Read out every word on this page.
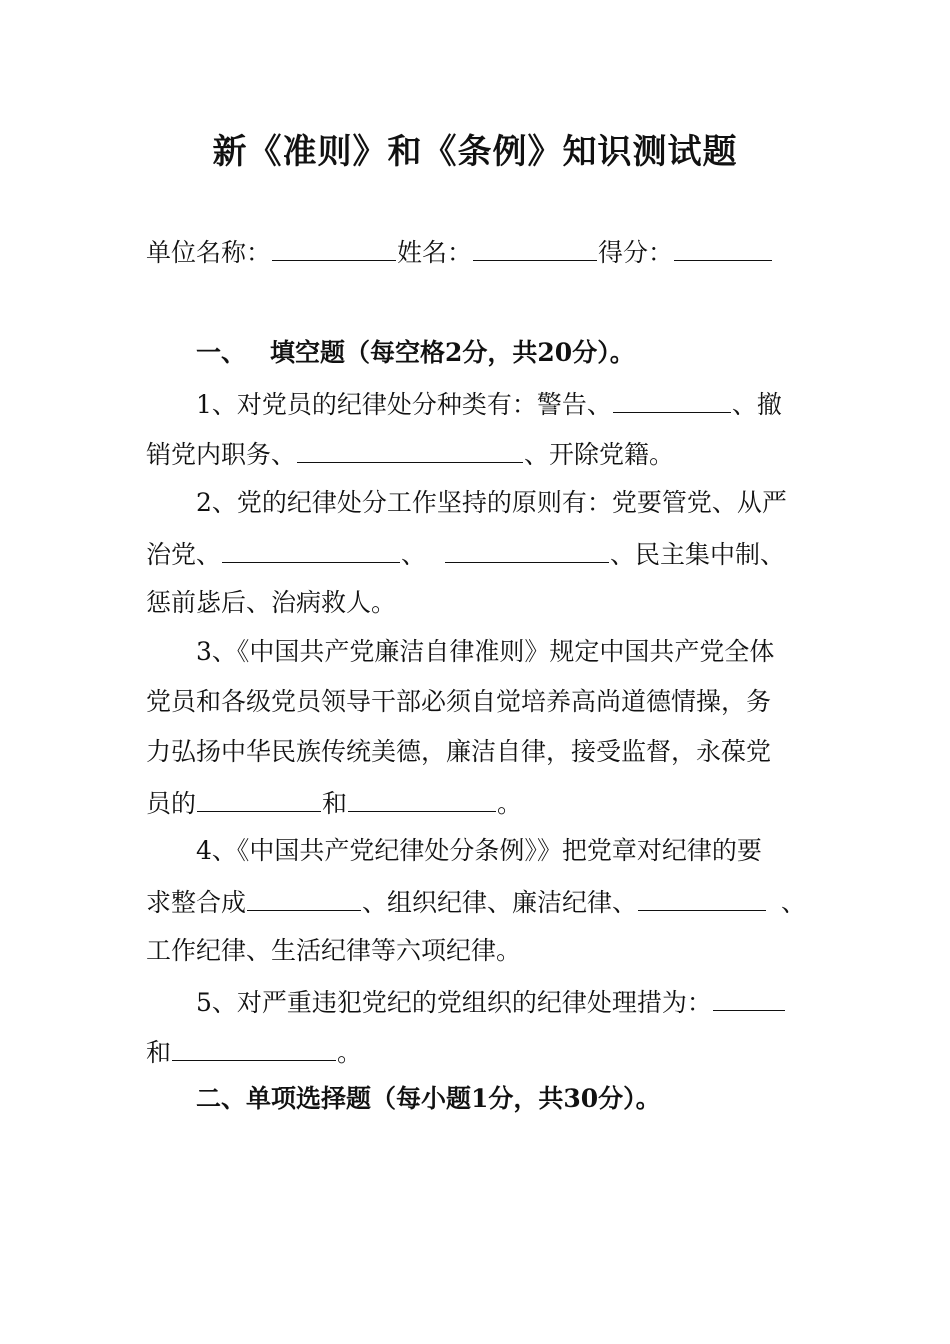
新《准则》和《条例》知识测试题
单位名称：	姓名：	得分：
一、 填空题（每空格2分，共20分）。
1、对党员的纪律处分种类有：警告、	、撤
销党内职务、	、开除党籍。
2、党的纪律处分工作坚持的原则有：党要管党、从严
治党、	、	、民主集中制、
惩前毖后、治病救人。
3、《中国共产党廉洁自律准则》规定中国共产党全体
党员和各级党员领导干部必须自觉培养高尚道德情操，务
力弘扬中华民族传统美德，廉洁自律，接受监督，永葆党
员的	和	。
4、《中国共产党纪律处分条例》》把党章对纪律的要
求整合成	、组织纪律、廉洁纪律、	、
工作纪律、生活纪律等六项纪律。
5、对严重违犯党纪的党组织的纪律处理措为：
和	。
二、单项选择题（每小题1分，共30分）。
